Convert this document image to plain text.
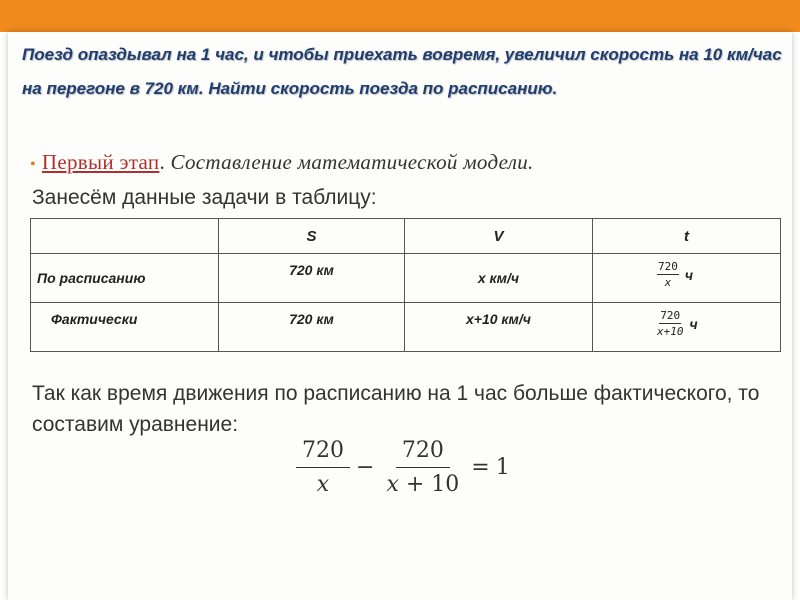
Поезд опаздывал на 1 час, и чтобы приехать вовремя, увеличил скорость на 10 км/час на перегоне в 720 км. Найти скорость поезда по расписанию.
• Первый этап. Составление математической модели.
Занесём данные задачи в таблицу:
	S	V	t

По расписанию	720 км	x км/ч	$\frac{720}{x}$ ч

Фактически	720 км	x+10 км/ч	$\frac{720}{x+10}$ ч
Так как время движения по расписанию на 1 час больше фактического, то составим уравнение:
$\frac{720}{x} - \frac{720}{x + 10} = 1$
